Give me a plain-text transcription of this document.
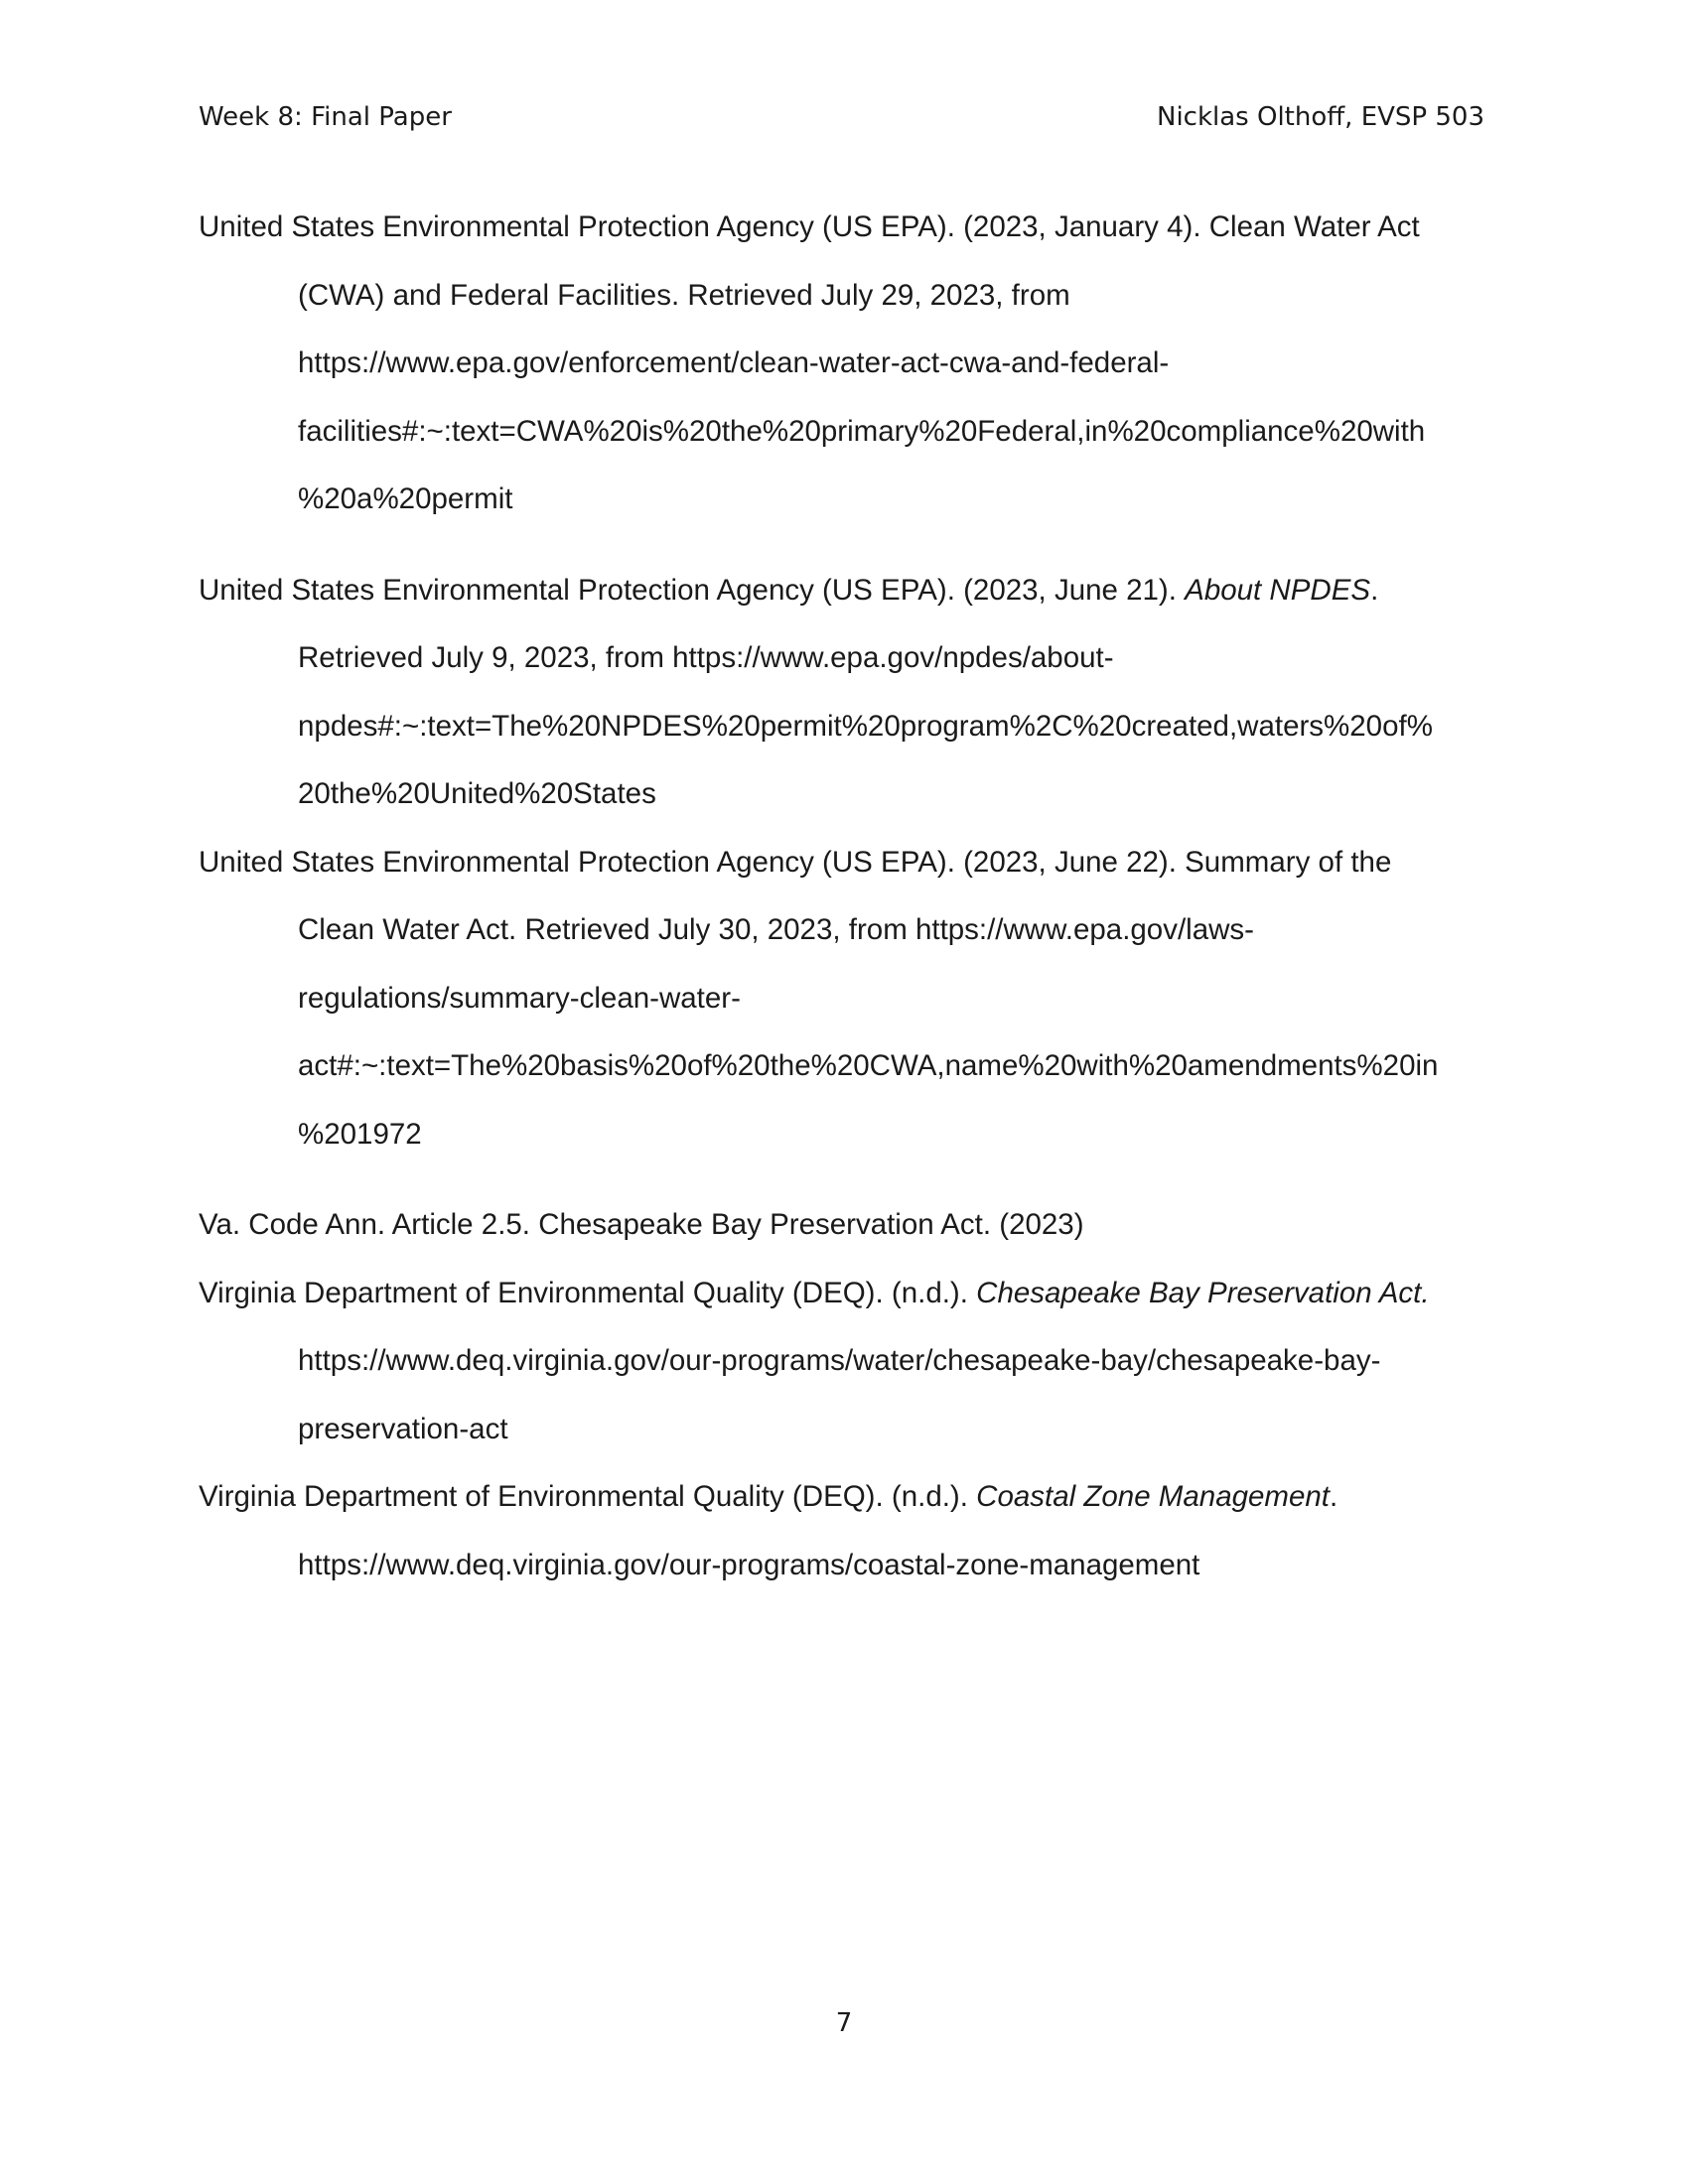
Week 8: Final Paper	Nicklas Olthoff, EVSP 503

United States Environmental Protection Agency (US EPA). (2023, January 4). Clean Water Act
(CWA) and Federal Facilities. Retrieved July 29, 2023, from
https://www.epa.gov/enforcement/clean-water-act-cwa-and-federal-
facilities#:~:text=CWA%20is%20the%20primary%20Federal,in%20compliance%20with
%20a%20permit

United States Environmental Protection Agency (US EPA). (2023, June 21). About NPDES.
Retrieved July 9, 2023, from https://www.epa.gov/npdes/about-
npdes#:~:text=The%20NPDES%20permit%20program%2C%20created,waters%20of%
20the%20United%20States

United States Environmental Protection Agency (US EPA). (2023, June 22). Summary of the
Clean Water Act. Retrieved July 30, 2023, from https://www.epa.gov/laws-
regulations/summary-clean-water-
act#:~:text=The%20basis%20of%20the%20CWA,name%20with%20amendments%20in
%201972

Va. Code Ann. Article 2.5. Chesapeake Bay Preservation Act. (2023)

Virginia Department of Environmental Quality (DEQ). (n.d.). Chesapeake Bay Preservation Act.
https://www.deq.virginia.gov/our-programs/water/chesapeake-bay/chesapeake-bay-
preservation-act

Virginia Department of Environmental Quality (DEQ). (n.d.). Coastal Zone Management.
https://www.deq.virginia.gov/our-programs/coastal-zone-management

7
